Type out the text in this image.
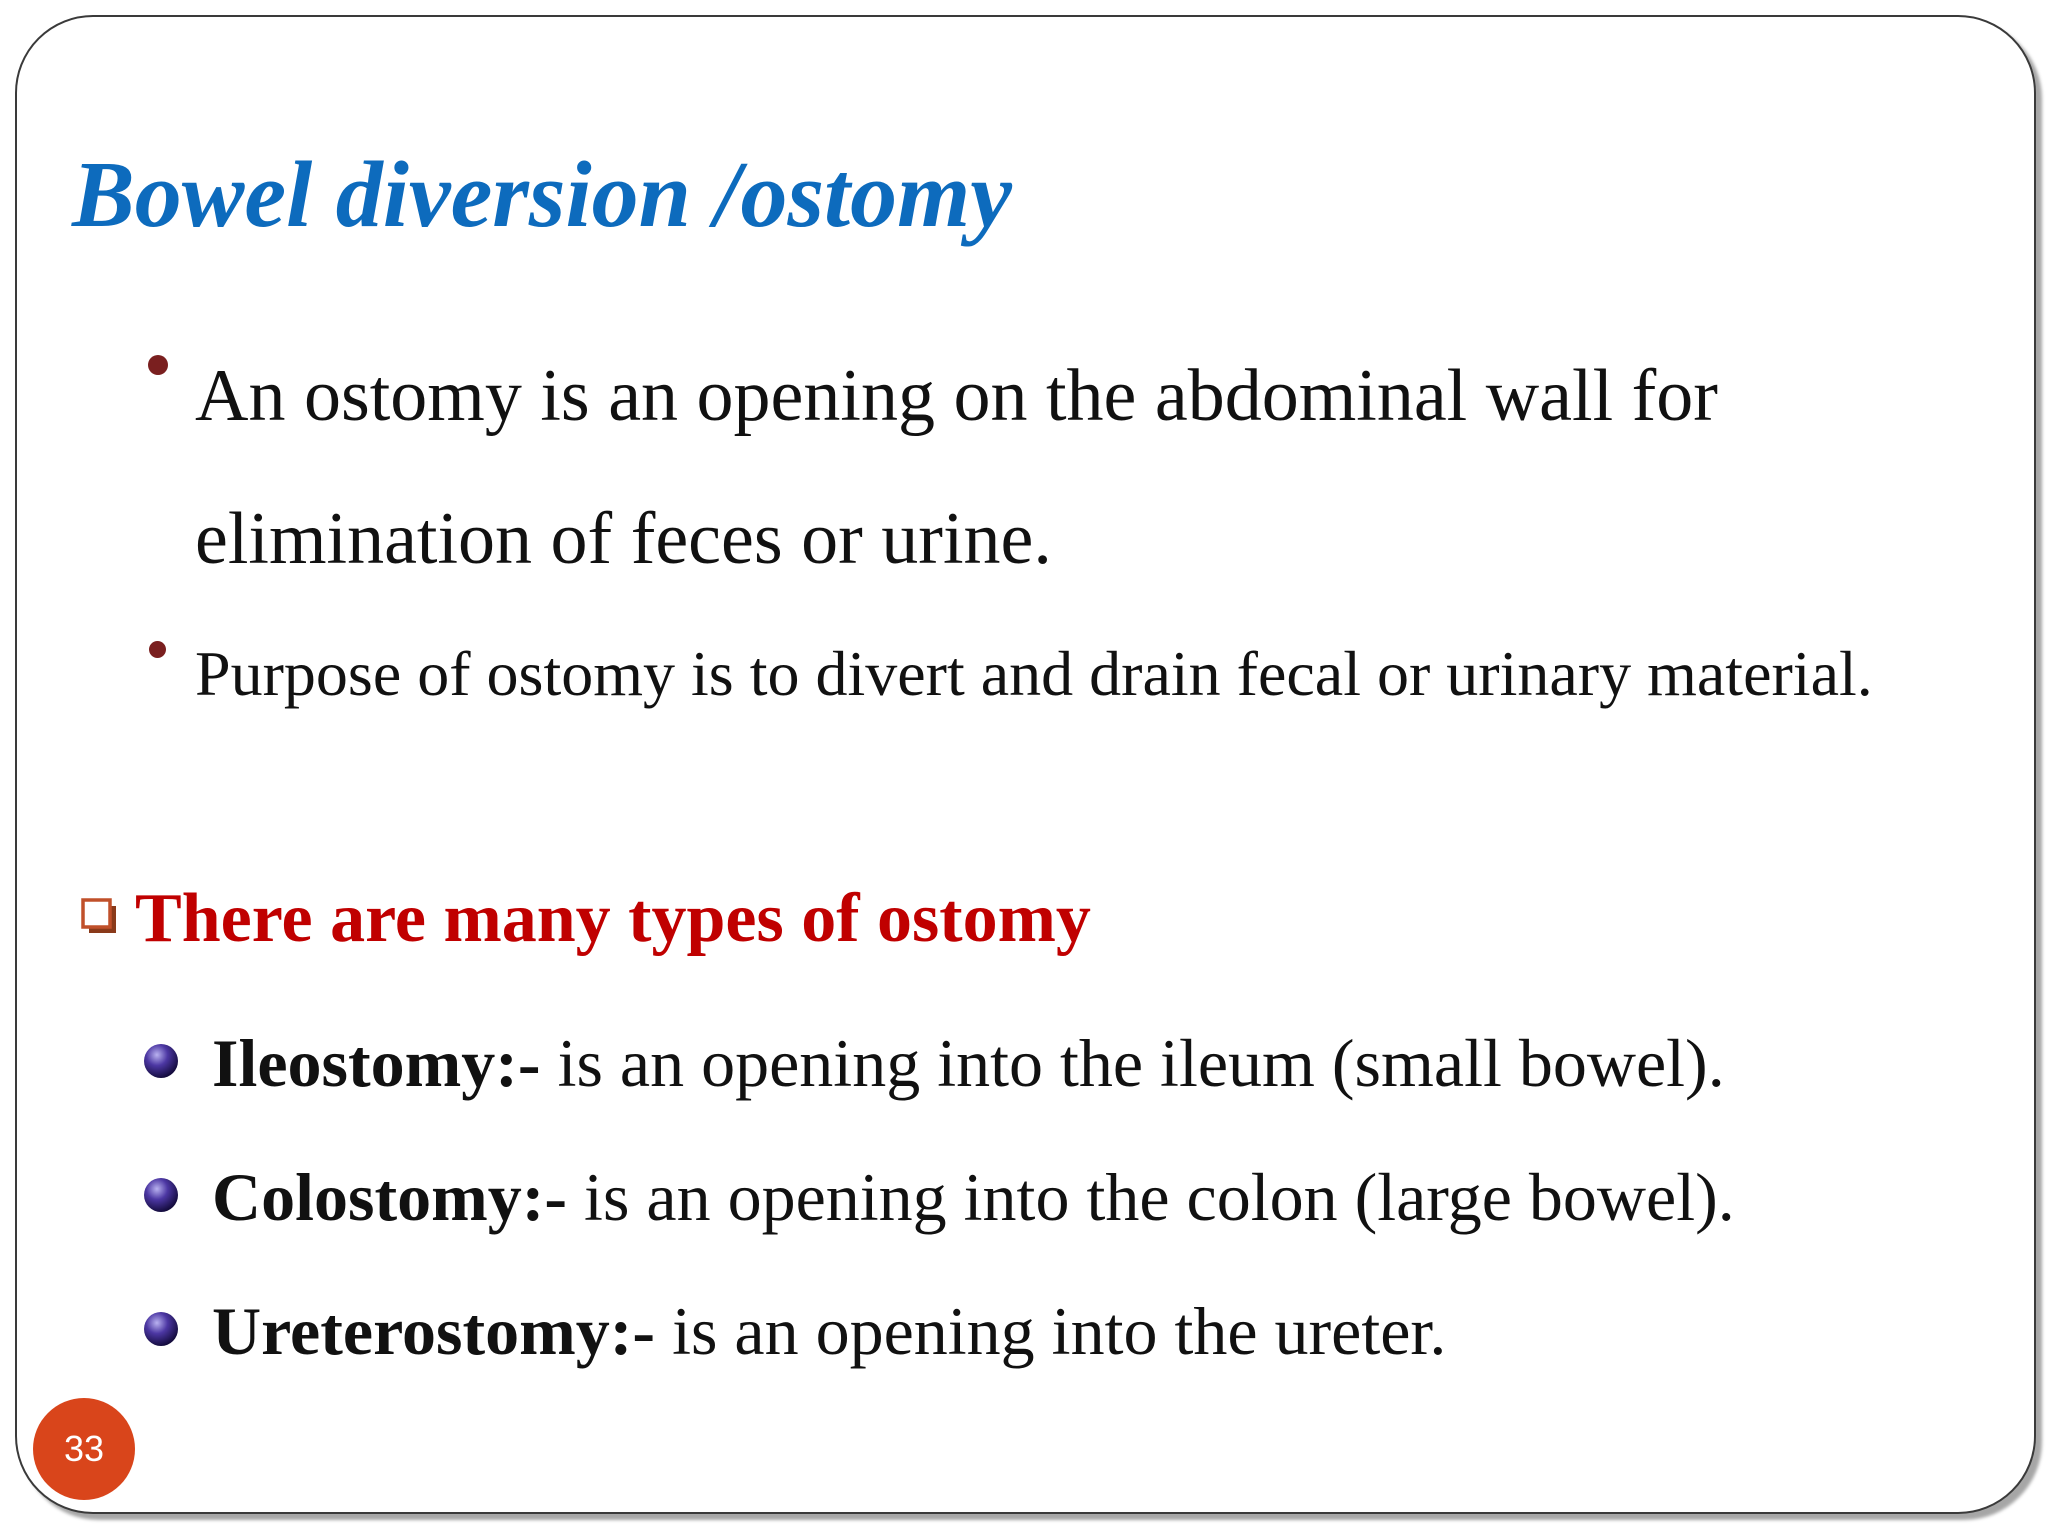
Bowel diversion /ostomy

An ostomy is an opening on the abdominal wall for elimination of feces or urine.

Purpose of ostomy is to divert and drain fecal or urinary material.

There are many types of ostomy
Ileostomy:- is an opening into the ileum (small bowel).
Colostomy:- is an opening into the colon (large bowel).
Ureterostomy:- is an opening into the ureter.
33
